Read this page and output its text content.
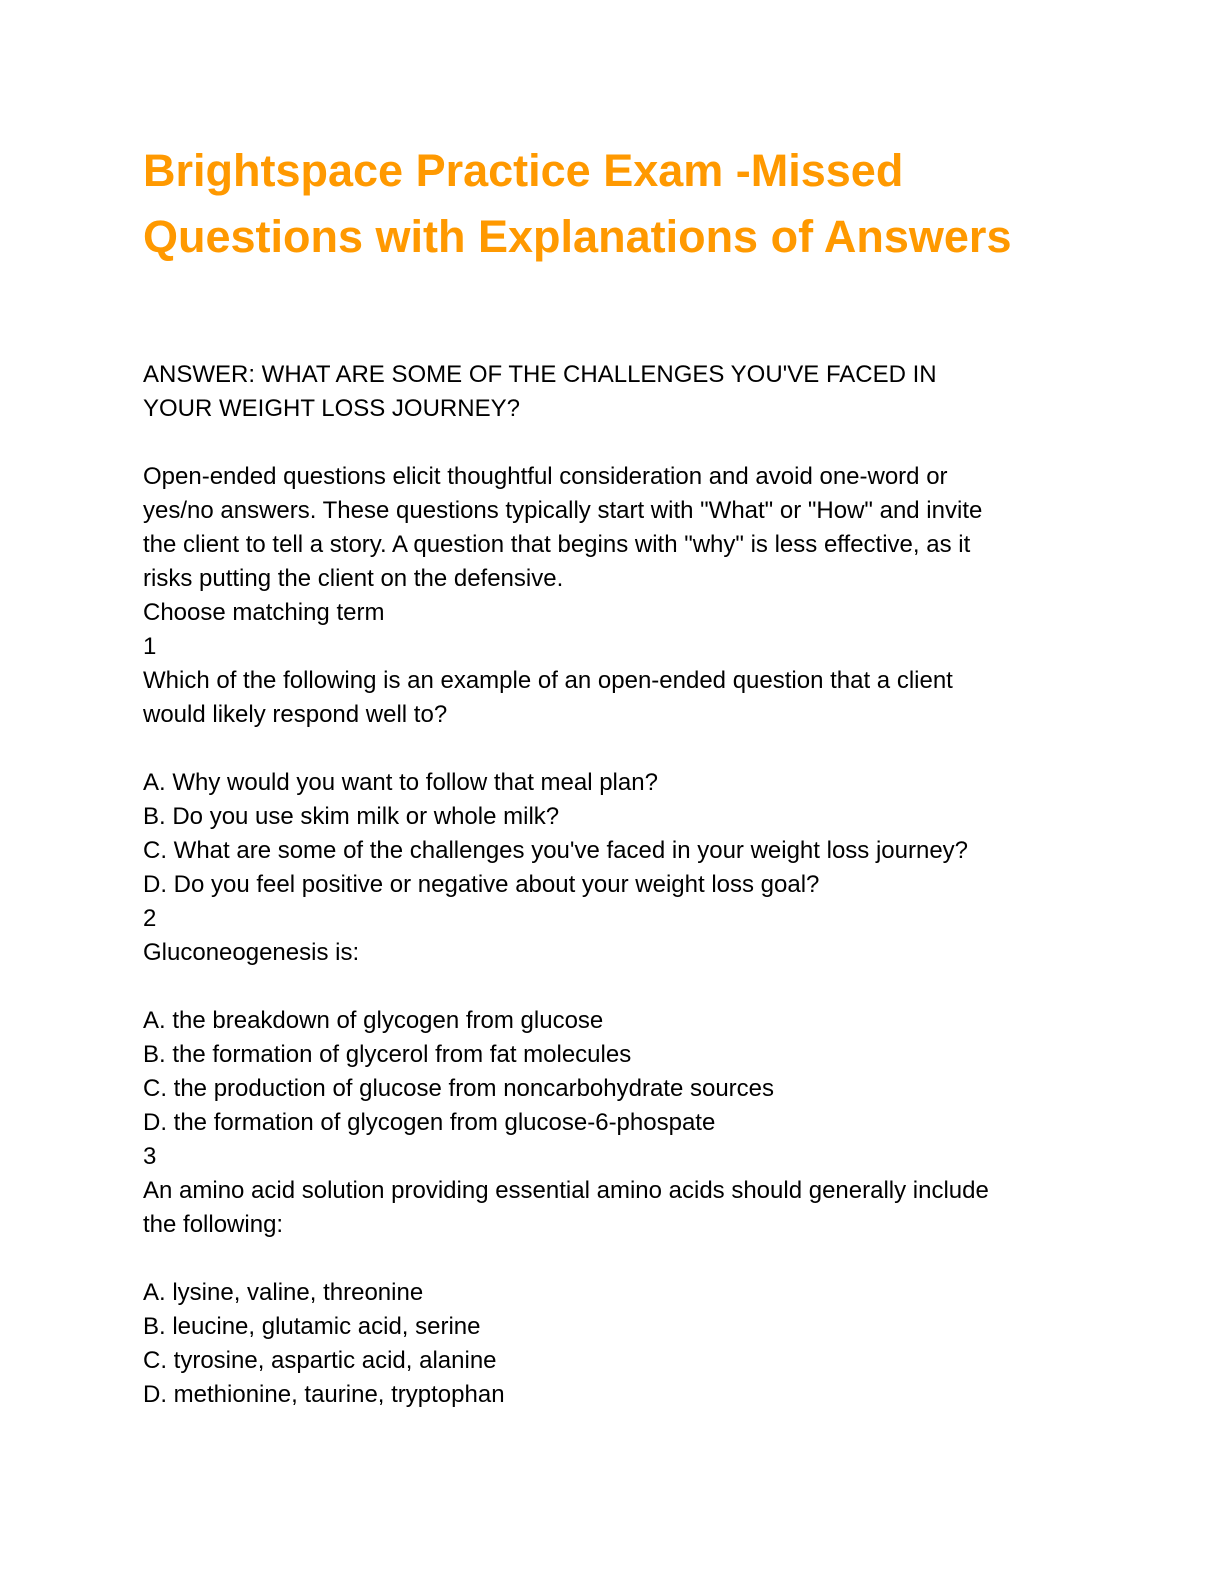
Brightspace Practice Exam -Missed
Questions with Explanations of Answers
ANSWER: WHAT ARE SOME OF THE CHALLENGES YOU'VE FACED IN
YOUR WEIGHT LOSS JOURNEY?
Open-ended questions elicit thoughtful consideration and avoid one-word or
yes/no answers. These questions typically start with "What" or "How" and invite
the client to tell a story. A question that begins with "why" is less effective, as it
risks putting the client on the defensive.
Choose matching term
1
Which of the following is an example of an open-ended question that a client
would likely respond well to?
A. Why would you want to follow that meal plan?
B. Do you use skim milk or whole milk?
C. What are some of the challenges you've faced in your weight loss journey?
D. Do you feel positive or negative about your weight loss goal?
2
Gluconeogenesis is:
A. the breakdown of glycogen from glucose
B. the formation of glycerol from fat molecules
C. the production of glucose from noncarbohydrate sources
D. the formation of glycogen from glucose-6-phospate
3
An amino acid solution providing essential amino acids should generally include
the following:
A. lysine, valine, threonine
B. leucine, glutamic acid, serine
C. tyrosine, aspartic acid, alanine
D. methionine, taurine, tryptophan
